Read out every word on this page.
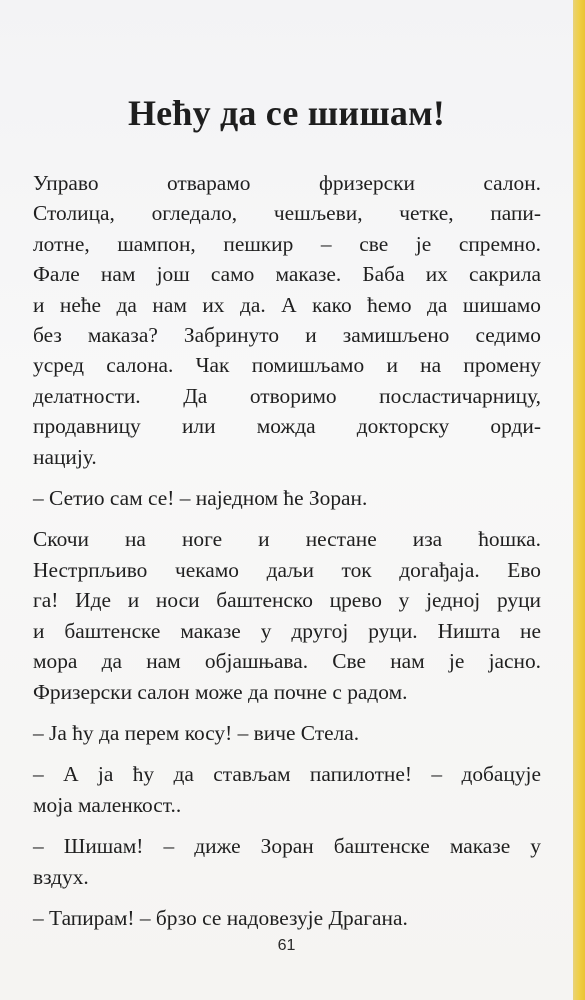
Нећу да се шишам!
Управо отварамо фризерски салон.
Столица, огледало, чешљеви, четке, папи-
лотне, шампон, пешкир – све је спремно.
Фале нам још само маказе. Баба их сакрила
и неће да нам их да. А како ћемо да шишамо
без маказа? Забринуто и замишљено седимо
усред салона. Чак помишљамо и на промену
делатности. Да отворимо посластичарницу,
продавницу или можда докторску орди-
нацију.
– Сетио сам се! – наједном ће Зоран.
Скочи на ноге и нестане иза ћошка.
Нестрпљиво чекамо даљи ток догађаја. Ево
га! Иде и носи баштенско црево у једној руци
и баштенске маказе у другој руци. Ништа не
мора да нам објашњава. Све нам је јасно.
Фризерски салон може да почне с радом.
– Ја ћу да перем косу! – виче Стела.
– А ја ћу да стављам папилотне! – добацује
моја маленкост..
– Шишам! – диже Зоран баштенске маказе у
вздух.
– Тапирам! – брзо се надовезује Драгана.
61
